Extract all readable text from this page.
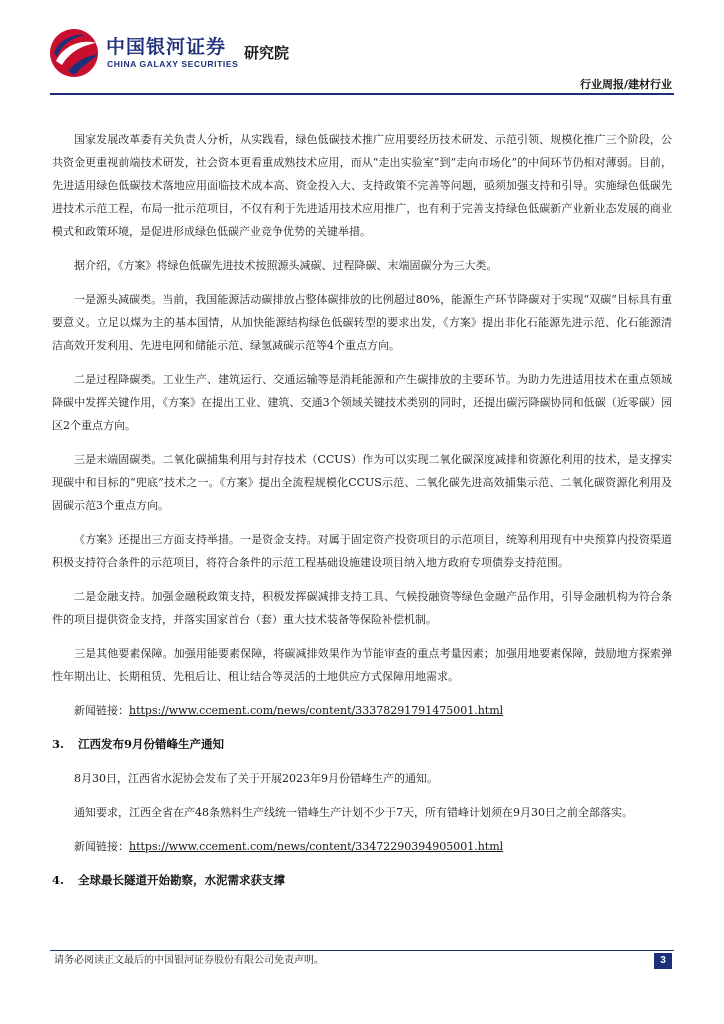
中国银河证券
CHINA GALAXY SECURITIES
研究院
行业周报/建材行业

国家发展改革委有关负责人分析，从实践看，绿色低碳技术推广应用要经历技术研发、示范引领、规模化推广三个阶段，公共资金更重视前端技术研发，社会资本更看重成熟技术应用，而从“走出实验室”到“走向市场化”的中间环节仍相对薄弱。目前，先进适用绿色低碳技术落地应用面临技术成本高、资金投入大、支持政策不完善等问题，亟须加强支持和引导。实施绿色低碳先进技术示范工程，布局一批示范项目，不仅有利于先进适用技术应用推广，也有利于完善支持绿色低碳新产业新业态发展的商业模式和政策环境，是促进形成绿色低碳产业竞争优势的关键举措。

据介绍，《方案》将绿色低碳先进技术按照源头减碳、过程降碳、末端固碳分为三大类。

一是源头减碳类。当前，我国能源活动碳排放占整体碳排放的比例超过80%，能源生产环节降碳对于实现“双碳”目标具有重要意义。立足以煤为主的基本国情，从加快能源结构绿色低碳转型的要求出发，《方案》提出非化石能源先进示范、化石能源清洁高效开发利用、先进电网和储能示范、绿氢减碳示范等4个重点方向。

二是过程降碳类。工业生产、建筑运行、交通运输等是消耗能源和产生碳排放的主要环节。为助力先进适用技术在重点领域降碳中发挥关键作用，《方案》在提出工业、建筑、交通3个领域关键技术类别的同时，还提出碳污降碳协同和低碳（近零碳）园区2个重点方向。

三是末端固碳类。二氧化碳捕集利用与封存技术（CCUS）作为可以实现二氧化碳深度减排和资源化利用的技术，是支撑实现碳中和目标的“兜底”技术之一。《方案》提出全流程规模化CCUS示范、二氧化碳先进高效捕集示范、二氧化碳资源化利用及固碳示范3个重点方向。

《方案》还提出三方面支持举措。一是资金支持。对属于固定资产投资项目的示范项目，统筹利用现有中央预算内投资渠道积极支持符合条件的示范项目，将符合条件的示范工程基础设施建设项目纳入地方政府专项债券支持范围。

二是金融支持。加强金融税政策支持，积极发挥碳减排支持工具、气候投融资等绿色金融产品作用，引导金融机构为符合条件的项目提供资金支持，并落实国家首台（套）重大技术装备等保险补偿机制。

三是其他要素保障。加强用能要素保障，将碳减排效果作为节能审查的重点考量因素；加强用地要素保障，鼓励地方探索弹性年期出让、长期租赁、先租后让、租让结合等灵活的土地供应方式保障用地需求。

新闻链接：https://www.ccement.com/news/content/33378291791475001.html

3.	江西发布9月份错峰生产通知

8月30日，江西省水泥协会发布了关于开展2023年9月份错峰生产的通知。

通知要求，江西全省在产48条熟料生产线统一错峰生产计划不少于7天，所有错峰计划须在9月30日之前全部落实。

新闻链接：https://www.ccement.com/news/content/33472290394905001.html

4.	全球最长隧道开始勘察，水泥需求获支撑
请务必阅读正文最后的中国银河证券股份有限公司免责声明。	3
